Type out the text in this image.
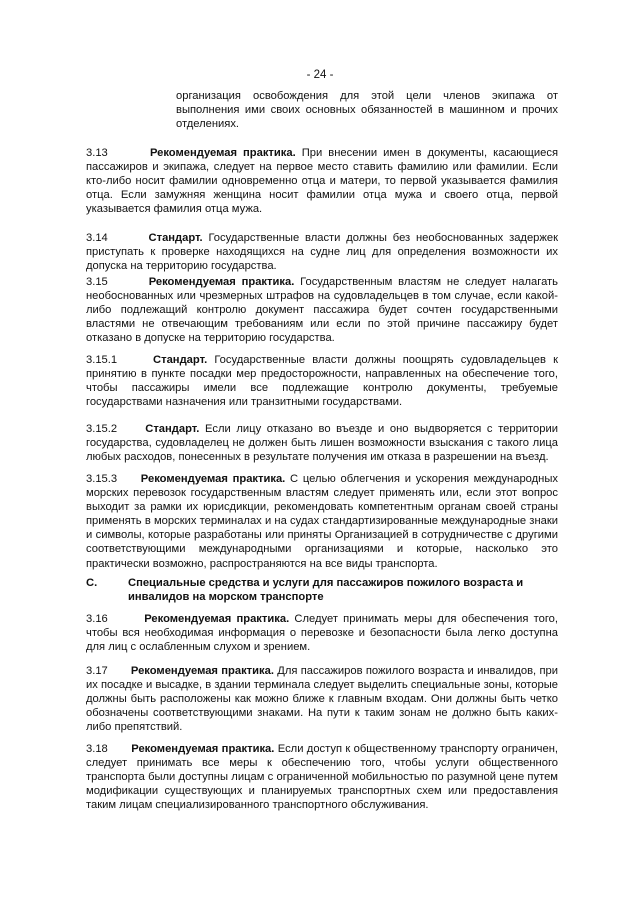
- 24 -
организация освобождения для этой цели членов экипажа от выполнения ими своих основных обязанностей в машинном и прочих отделениях.
3.13	Рекомендуемая практика. При внесении имен в документы, касающиеся пассажиров и экипажа, следует на первое место ставить фамилию или фамилии. Если кто-либо носит фамилии одновременно отца и матери, то первой указывается фамилия отца. Если замужняя женщина носит фамилии отца мужа и своего отца, первой указывается фамилия отца мужа.
3.14	Стандарт. Государственные власти должны без необоснованных задержек приступать к проверке находящихся на судне лиц для определения возможности их допуска на территорию государства.
3.15	Рекомендуемая практика. Государственным властям не следует налагать необоснованных или чрезмерных штрафов на судовладельцев в том случае, если какой-либо подлежащий контролю документ пассажира будет сочтен государственными властями не отвечающим требованиям или если по этой причине пассажиру будет отказано в допуске на территорию государства.
3.15.1	Стандарт. Государственные власти должны поощрять судовладельцев к принятию в пункте посадки мер предосторожности, направленных на обеспечение того, чтобы пассажиры имели все подлежащие контролю документы, требуемые государствами назначения или транзитными государствами.
3.15.2	Стандарт. Если лицу отказано во въезде и оно выдворяется с территории государства, судовладелец не должен быть лишен возможности взыскания с такого лица любых расходов, понесенных в результате получения им отказа в разрешении на въезд.
3.15.3 Рекомендуемая практика. С целью облегчения и ускорения международных морских перевозок государственным властям следует применять или, если этот вопрос выходит за рамки их юрисдикции, рекомендовать компетентным органам своей страны применять в морских терминалах и на судах стандартизированные международные знаки и символы, которые разработаны или приняты Организацией в сотрудничестве с другими соответствующими международными организациями и которые, насколько это практически возможно, распространяются на все виды транспорта.
С.	Специальные средства и услуги для пассажиров пожилого возраста и инвалидов на морском транспорте
3.16	Рекомендуемая практика. Следует принимать меры для обеспечения того, чтобы вся необходимая информация о перевозке и безопасности была легко доступна для лиц с ослабленным слухом и зрением.
3.17 Рекомендуемая практика. Для пассажиров пожилого возраста и инвалидов, при их посадке и высадке, в здании терминала следует выделить специальные зоны, которые должны быть расположены как можно ближе к главным входам. Они должны быть четко обозначены соответствующими знаками. На пути к таким зонам не должно быть каких-либо препятствий.
3.18 Рекомендуемая практика. Если доступ к общественному транспорту ограничен, следует принимать все меры к обеспечению того, чтобы услуги общественного транспорта были доступны лицам с ограниченной мобильностью по разумной цене путем модификации существующих и планируемых транспортных схем или предоставления таким лицам специализированного транспортного обслуживания.
